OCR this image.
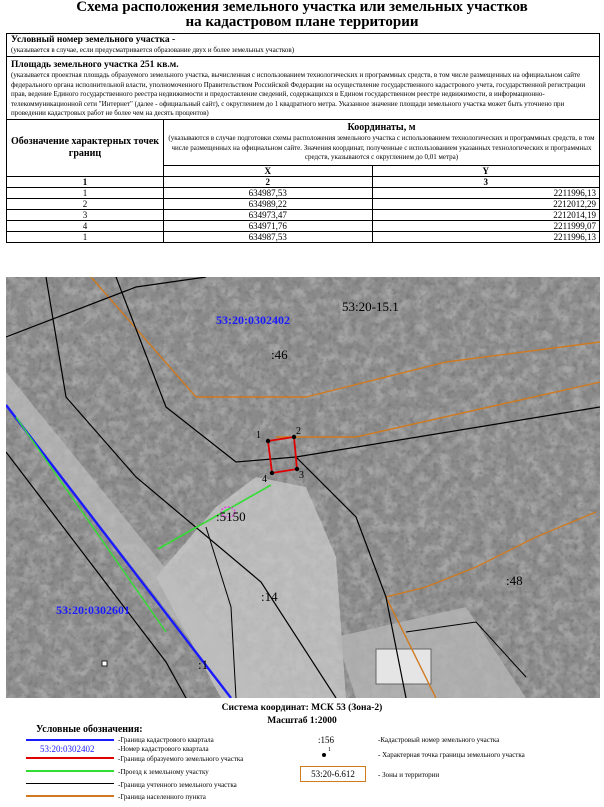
Схема расположения земельного участка или земельных участков
на кадастровом плане территории
Условный номер земельного участка -
(указывается в случае, если предусматривается образование двух и более земельных участков)
Площадь земельного участка 251 кв.м.
(указывается проектная площадь образуемого земельного участка, вычисленная с использованием технологических и программных средств, в том числе размещенных на официальном сайте федерального органа исполнительной власти, уполномоченного Правительством Российской Федерации на осуществление государственного кадастрового учета, государственной регистрации прав, ведение Единого государственного реестра недвижимости и предоставление сведений, содержащихся в Едином государственном реестре недвижимости, в информационно-телекоммуникационной сети "Интернет" (далее - официальный сайт), с округлением до 1 квадратного метра. Указанное значение площади земельного участка может быть уточнено при проведении кадастровых работ не более чем на десять процентов)
Обозначение характерных точек границ	Координаты, м
(указываются в случае подготовки схемы расположения земельного участка с использованием технологических и программных средств, в том числе размещенных на официальном сайте. Значения координат, полученные с использованием указанных технологических и программных средств, указываются с округлением до 0,01 метра)	

	X	Y
1	2	3
1	634987,53	2211996,13
2	634989,22	2212012,29
3	634973,47	2212014,19
4	634971,76	2211999,07
1	634987,53	2211996,13
53:20:0302402
53:20:0302601
53:20-15.1
:46
:5150
:14
:48
:1
1	2
3
4
Система координат: МСК 53 (Зона-2)
Масштаб 1:2000
Условные обозначения:
-Граница кадастрового квартала
53:20:0302402	-Номер кадастрового квартала
-Граница образуемого земельного участка
-Проезд к земельному участку
-Граница учтенного земельного участка
-Граница населенного пункта
:156	-Кадастровый номер земельного участка
1
- Характерная точка границы земельного участка
53:20-6.612	- Зоны и территории
